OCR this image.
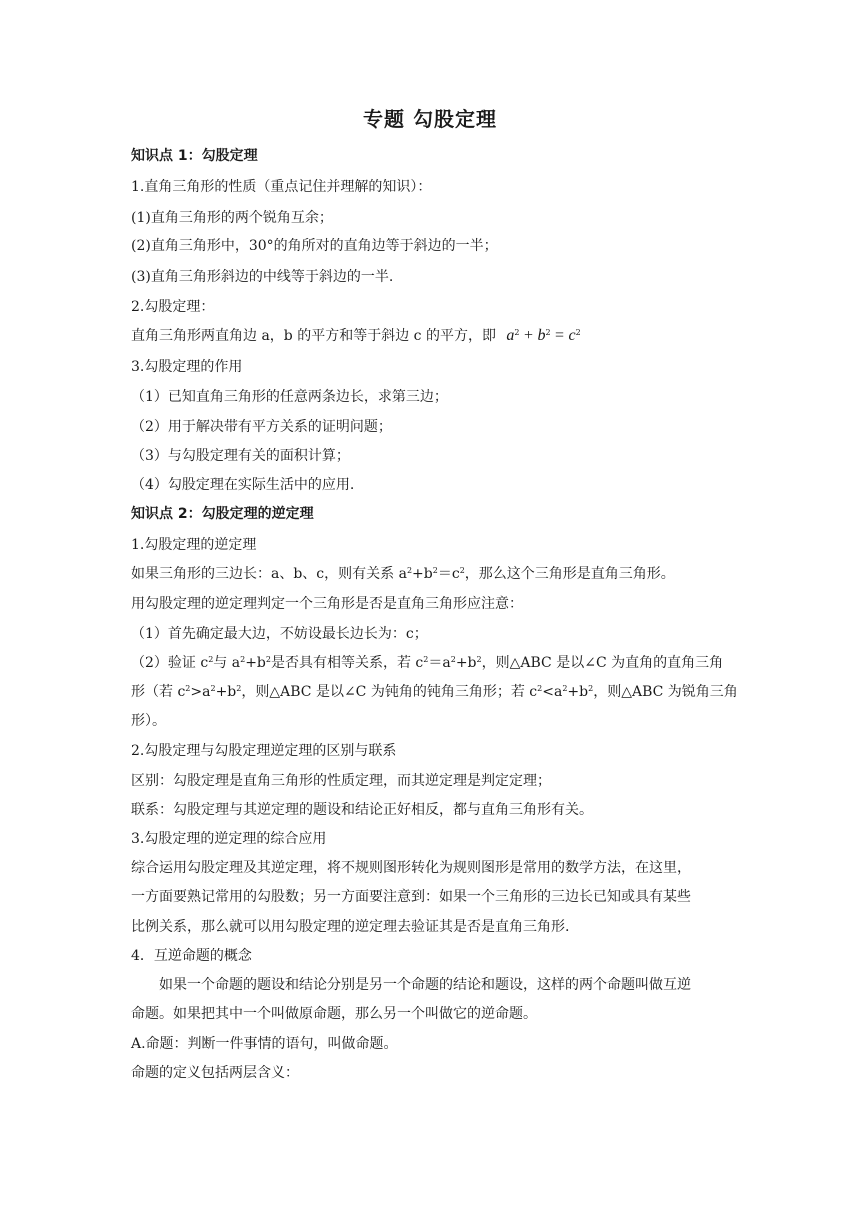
专题 勾股定理
知识点 1：勾股定理
1.直角三角形的性质（重点记住并理解的知识）：
(1)直角三角形的两个锐角互余；
(2)直角三角形中，30°的角所对的直角边等于斜边的一半；
(3)直角三角形斜边的中线等于斜边的一半.
2.勾股定理：
直角三角形两直角边 a，b 的平方和等于斜边 c 的平方，即 $a^2 + b^2 = c^2$
3.勾股定理的作用
（1）已知直角三角形的任意两条边长，求第三边；
（2）用于解决带有平方关系的证明问题；
（3）与勾股定理有关的面积计算；
（4）勾股定理在实际生活中的应用.
知识点 2：勾股定理的逆定理
1.勾股定理的逆定理
如果三角形的三边长：a、b、c，则有关系 $a^2+b^2=c^2$，那么这个三角形是直角三角形。
用勾股定理的逆定理判定一个三角形是否是直角三角形应注意：
（1）首先确定最大边，不妨设最长边长为：c；
（2）验证 $c^2$与 $a^2+b^2$是否具有相等关系，若 $c^2=a^2+b^2$，则△ABC 是以∠C 为直角的直角三角
形（若 $c^2>a^2+b^2$，则△ABC 是以∠C 为钝角的钝角三角形；若 $c^2<a^2+b^2$，则△ABC 为锐角三角
形）。
2.勾股定理与勾股定理逆定理的区别与联系
区别：勾股定理是直角三角形的性质定理，而其逆定理是判定定理；
联系：勾股定理与其逆定理的题设和结论正好相反，都与直角三角形有关。
3.勾股定理的逆定理的综合应用
综合运用勾股定理及其逆定理，将不规则图形转化为规则图形是常用的数学方法，在这里，
一方面要熟记常用的勾股数；另一方面要注意到：如果一个三角形的三边长已知或具有某些
比例关系，那么就可以用勾股定理的逆定理去验证其是否是直角三角形.
4．互逆命题的概念
如果一个命题的题设和结论分别是另一个命题的结论和题设，这样的两个命题叫做互逆
命题。如果把其中一个叫做原命题，那么另一个叫做它的逆命题。
A.命题：判断一件事情的语句，叫做命题。
命题的定义包括两层含义：
